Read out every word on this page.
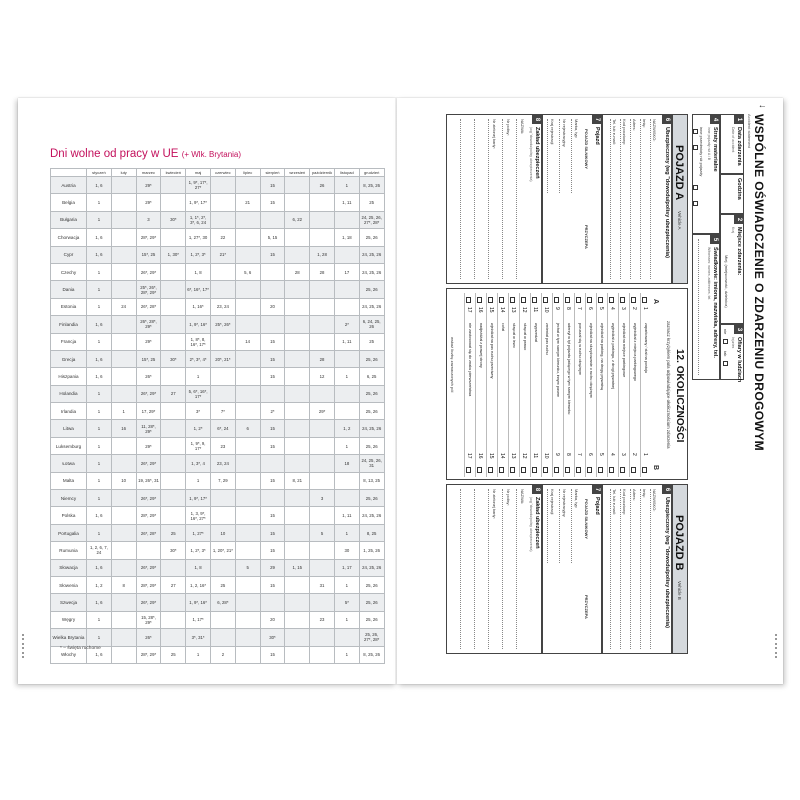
Dni wolne od pracy w UE (+ Wlk. Brytania)
	styczeń	luty	marzec	kwiecień	maj	czerwiec	lipiec	sierpień	wrzesień	październik	listopad	grudzień
Austria	1, 6		29*		1, 9*, 17*, 27*			15		26	1	8, 25, 26
Belgia	1		29*		1, 9*, 17*		21	15			1, 11	25
Bułgaria	1		3	30*	1, 1*, 2*, 3*, 6, 24				6, 22			24, 25, 26, 27*, 28*
Chorwacja	1, 6		28*, 29*		1, 27*, 30	22		5, 15			1, 18	25, 26
Cypr	1, 6		15*, 25	1, 30*	1, 2*, 3*	21*		15		1, 28		24, 25, 26
Czechy	1		26*, 29*		1, 8		5, 6		28	28	17	24, 25, 26
Dania	1		25*, 26*, 28*, 29*		6*, 16*, 17*							25, 26
Estonia	1	24	26*, 28*		1, 16*	23, 24		20				24, 25, 26
Finlandia	1, 6		26*, 28*, 29*		1, 9*, 16*	25*, 26*					2*	6, 24, 25, 26
Francja	1		29*		1, 8*, 8, 16*, 17*		14	15			1, 11	25
Grecja	1, 6		15*, 25	30*	2*, 3*, 4*	20*, 21*		15		28		25, 26
Hiszpania	1, 6		26*		1			15		12	1	6, 25
Holandia	1		26*, 29*	27	5, 6*, 16*, 17*							25, 26
Irlandia	1	1	17, 29*		3*	7*		2*		29*		25, 26
Litwa	1	16	11, 28*, 29*		1, 2*	6*, 24	6	15			1, 2	24, 25, 26
Luksemburg	1		29*		1, 9*, 9, 17*	23		15			1	25, 26
Łotwa	1		26*, 29*		1, 3*, 4	23, 24					18	24, 25, 26, 31
Malta	1	10	19, 26*, 31		1	7, 29		15	8, 21			8, 13, 25
Niemcy	1		26*, 29*		1, 9*, 17*					3		25, 26
Polska	1, 6		28*, 29*		1, 3, 9*, 16*, 27*			15			1, 11	24, 25, 26
Portugalia	1		26*, 28*	25	1, 27*	10		15		5	1	8, 25
Rumunia	1, 2, 6, 7, 24			30*	1, 2*, 3*	1, 20*, 21*		15			30	1, 25, 26
Słowacja	1, 6		26*, 29*		1, 8		5	29	1, 15		1, 17	24, 25, 26
Słowenia	1, 2	8	28*, 29*	27	1, 2, 16*	25		15		31	1	25, 26
Szwecja	1, 6		26*, 29*		1, 9*, 16*	6, 28*					5*	25, 26
Węgry	1		15, 28*, 29*		1, 17*			20		23	1	25, 26
Wielka Brytania	1		26*		3*, 31*			30*				25, 26, 27*, 28*
Włochy	1, 6		28*, 29*	25	1	2		15			1	8, 25, 26
* – święta ruchome
↓
WSPÓLNE OŚWIADCZENIE O ZDARZENIU DROGOWYM
Accident statement
1
Data zdarzenia
Date of accident
Godzina
2
Miejsce zdarzenia:
Kraj
Miej. (miejscowość, dzielnica)
3
Ofiary w ludziach
Injuries
nie
tak
4
Straty materialne
inne pojazdy niż A i B
inne przedmioty niż pojazdy
5
Świadkowie: imiona, nazwiska, adresy, tel.
Witnesses: names, addresses, tel.
POJAZD A
Vehicle A
6
Ubezpieczony (wg "dowodu/polisy ubezpieczenia)
NAZWISKO:
Imię:
Adres:
Kod pocztowy:
Tel. lub e-mail:
7
Pojazd
POJAZD SILNIKOWY
PRZYCZEPA
Marka, typ
Nr rejestracyjny
Kraj rejestracji
8
Zakład ubezpieczeń
(wg "dowodu/polisy ubezpieczenia)
NAZWA:
Nr polisy:
Nr zielonej karty:
12. OKOLICZNOŚCI
zaznacz krzyżykiem pola odpowiadające okolicznościom zdarzenia
A
B
1
zaparkowany / stał na postoju
1
2
wyjeżdżał z miejsca parkingowego
2
3
wjeżdżał na miejsce parkingowe
3
4
wyjeżdżał z parkingu, z drogi prywatnej
4
5
wjeżdżał na parking, na drogę prywatną
5
6
wjeżdżał na skrzyżowanie o ruchu okrężnym
6
7
poruszał się w ruchu okrężnym
7
8
uderzył w tył pojazdu jadącego w tym samym kierunku
8
9
jechał w tym samym kierunku, innym pasem
9
10
zmieniał pas ruchu
10
11
wyprzedzał
11
12
skręcał w prawo
12
13
skręcał w lewo
13
14
cofał
14
15
wjeżdżał na pas ruchu przeciwny
15
16
nadjeżdżał z prawej strony
16
17
nie zastosował się do znaku pierwszeństwa
17
wskaż liczbę zaznaczonych pól
POJAZD B
Vehicle B
6
Ubezpieczony (wg "dowodu/polisy ubezpieczenia)
NAZWISKO:
Imię:
Adres:
Kod pocztowy:
Tel. lub e-mail:
7
Pojazd
POJAZD SILNIKOWY
PRZYCZEPA
Marka, typ
Nr rejestracyjny
Kraj rejestracji
8
Zakład ubezpieczeń
(wg "dowodu/polisy ubezpieczenia)
NAZWA:
Nr polisy:
Nr zielonej karty:
